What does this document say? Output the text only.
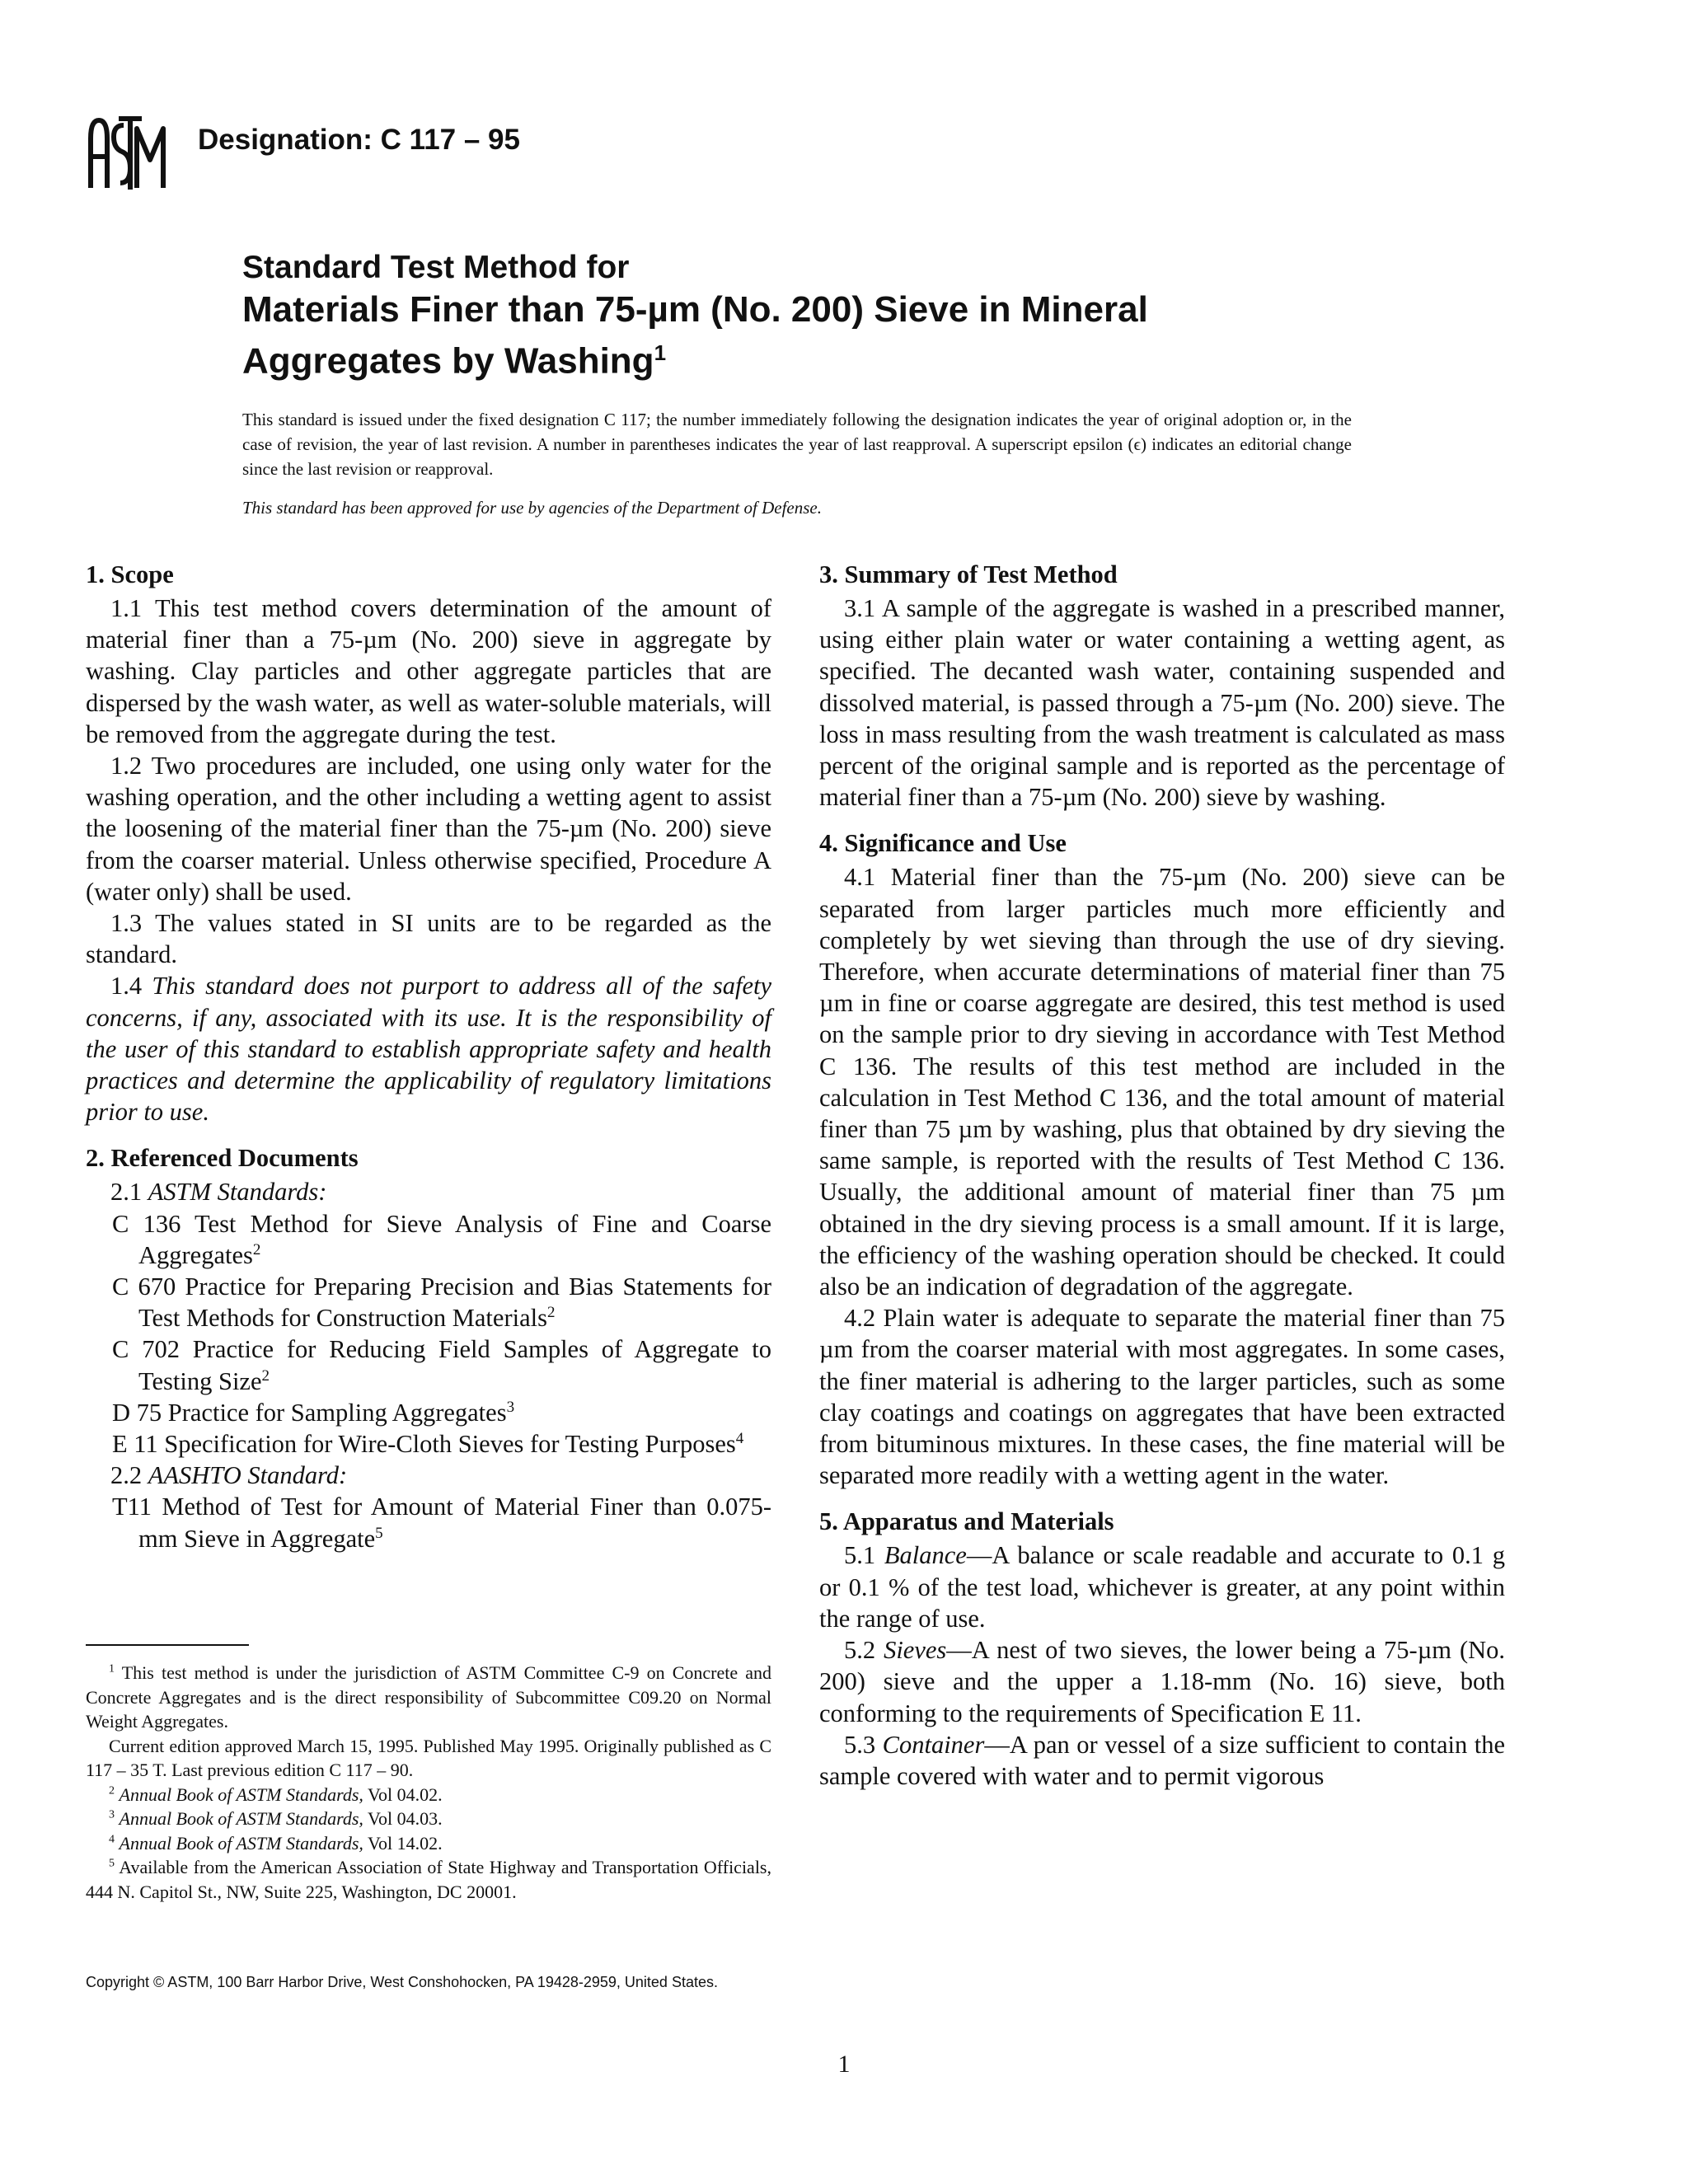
ASTM
Designation: C 117 – 95
Standard Test Method for
Materials Finer than 75-µm (No. 200) Sieve in Mineral
Aggregates by Washing$^1$
This standard is issued under the fixed designation C 117; the number immediately following the designation indicates the year of original adoption or, in the case of revision, the year of last revision. A number in parentheses indicates the year of last reapproval. A superscript epsilon (ϵ) indicates an editorial change since the last revision or reapproval.
This standard has been approved for use by agencies of the Department of Defense.
1. Scope

1.1 This test method covers determination of the amount of material finer than a 75-µm (No. 200) sieve in aggregate by washing. Clay particles and other aggregate particles that are dispersed by the wash water, as well as water-soluble materials, will be removed from the aggregate during the test.

1.2 Two procedures are included, one using only water for the washing operation, and the other including a wetting agent to assist the loosening of the material finer than the 75-µm (No. 200) sieve from the coarser material. Unless otherwise specified, Procedure A (water only) shall be used.

1.3 The values stated in SI units are to be regarded as the standard.

1.4 This standard does not purport to address all of the safety concerns, if any, associated with its use. It is the responsibility of the user of this standard to establish appropriate safety and health practices and determine the applicability of regulatory limitations prior to use.

2. Referenced Documents

2.1 ASTM Standards:

C 136 Test Method for Sieve Analysis of Fine and Coarse Aggregates$^2$

C 670 Practice for Preparing Precision and Bias Statements for Test Methods for Construction Materials$^2$

C 702 Practice for Reducing Field Samples of Aggregate to Testing Size$^2$

D 75 Practice for Sampling Aggregates$^3$

E 11 Specification for Wire-Cloth Sieves for Testing Purposes$^4$

2.2 AASHTO Standard:

T11 Method of Test for Amount of Material Finer than 0.075-mm Sieve in Aggregate$^5$

3. Summary of Test Method

3.1 A sample of the aggregate is washed in a prescribed manner, using either plain water or water containing a wetting agent, as specified. The decanted wash water, containing suspended and dissolved material, is passed through a 75-µm (No. 200) sieve. The loss in mass resulting from the wash treatment is calculated as mass percent of the original sample and is reported as the percentage of material finer than a 75-µm (No. 200) sieve by washing.

4. Significance and Use

4.1 Material finer than the 75-µm (No. 200) sieve can be separated from larger particles much more efficiently and completely by wet sieving than through the use of dry sieving. Therefore, when accurate determinations of material finer than 75 µm in fine or coarse aggregate are desired, this test method is used on the sample prior to dry sieving in accordance with Test Method C 136. The results of this test method are included in the calculation in Test Method C 136, and the total amount of material finer than 75 µm by washing, plus that obtained by dry sieving the same sample, is reported with the results of Test Method C 136. Usually, the additional amount of material finer than 75 µm obtained in the dry sieving process is a small amount. If it is large, the efficiency of the washing operation should be checked. It could also be an indication of degradation of the aggregate.

4.2 Plain water is adequate to separate the material finer than 75 µm from the coarser material with most aggregates. In some cases, the finer material is adhering to the larger particles, such as some clay coatings and coatings on aggregates that have been extracted from bituminous mixtures. In these cases, the fine material will be separated more readily with a wetting agent in the water.

5. Apparatus and Materials

5.1 Balance—A balance or scale readable and accurate to 0.1 g or 0.1 % of the test load, whichever is greater, at any point within the range of use.

5.2 Sieves—A nest of two sieves, the lower being a 75-µm (No. 200) sieve and the upper a 1.18-mm (No. 16) sieve, both conforming to the requirements of Specification E 11.

5.3 Container—A pan or vessel of a size sufficient to contain the sample covered with water and to permit vigorous

$^1$ This test method is under the jurisdiction of ASTM Committee C-9 on Concrete and Concrete Aggregates and is the direct responsibility of Subcommittee C09.20 on Normal Weight Aggregates.

Current edition approved March 15, 1995. Published May 1995. Originally published as C 117 – 35 T. Last previous edition C 117 – 90.

$^2$ Annual Book of ASTM Standards, Vol 04.02.

$^3$ Annual Book of ASTM Standards, Vol 04.03.

$^4$ Annual Book of ASTM Standards, Vol 14.02.

$^5$ Available from the American Association of State Highway and Transportation Officials, 444 N. Capitol St., NW, Suite 225, Washington, DC 20001.

Copyright © ASTM, 100 Barr Harbor Drive, West Conshohocken, PA 19428-2959, United States.
1
